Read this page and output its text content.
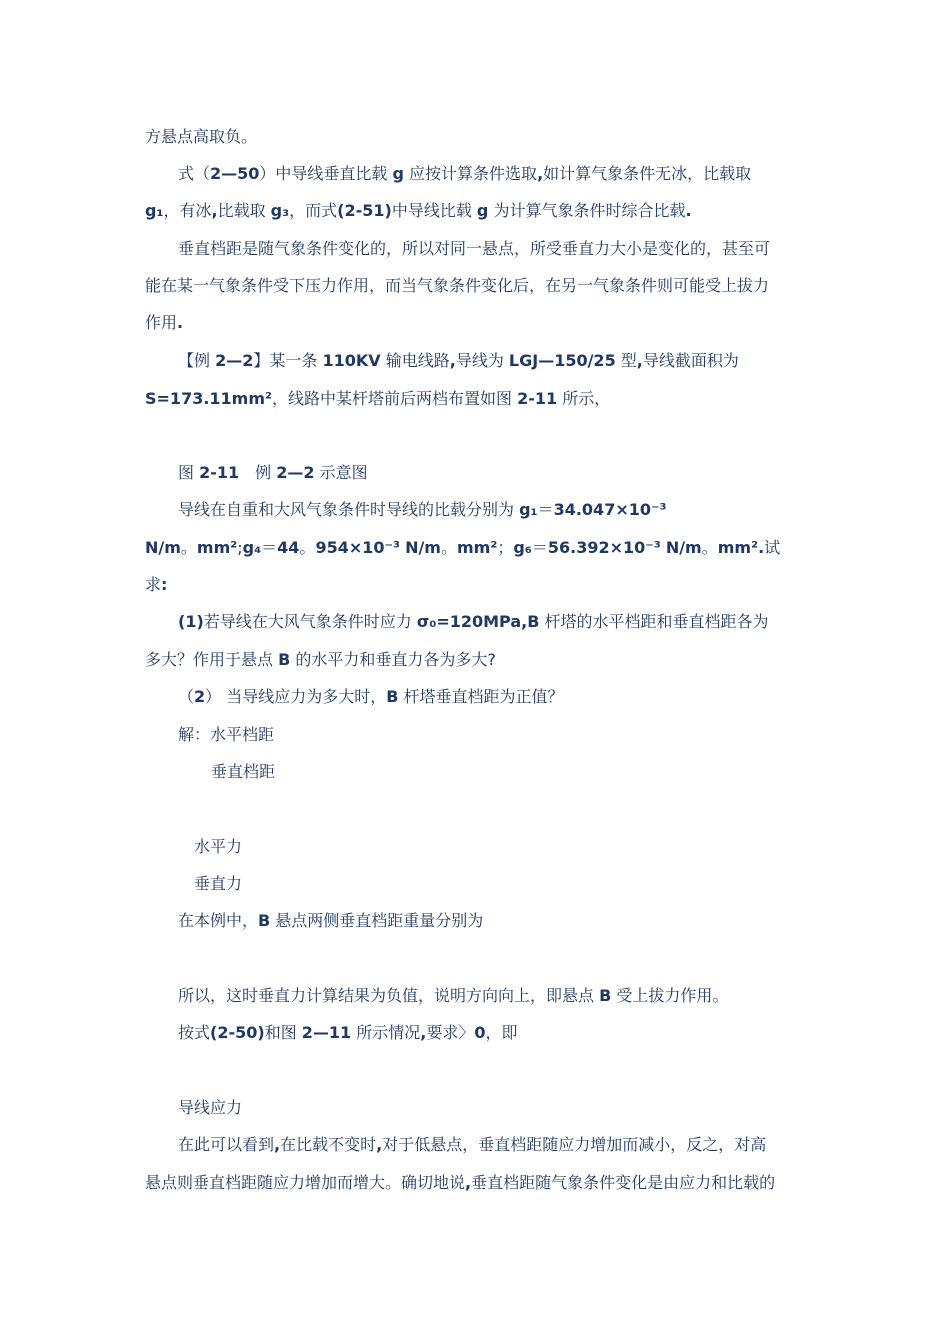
方悬点高取负。
式（2—50）中导线垂直比载 g 应按计算条件选取,如计算气象条件无冰，比载取
g₁，有冰,比载取 g₃，而式(2-51)中导线比载 g 为计算气象条件时综合比载.
垂直档距是随气象条件变化的，所以对同一悬点，所受垂直力大小是变化的，甚至可
能在某一气象条件受下压力作用，而当气象条件变化后，在另一气象条件则可能受上拔力
作用.
【例 2—2】某一条 110KV 输电线路,导线为 LGJ—150/25 型,导线截面积为
S=173.11mm²，线路中某杆塔前后两档布置如图 2-11 所示，
图 2-11　例 2—2 示意图
导线在自重和大风气象条件时导线的比载分别为 g₁＝34.047×10⁻³
N/m。mm²;g₄＝44。954×10⁻³ N/m。mm²；g₆＝56.392×10⁻³ N/m。mm².试
求:
(1)若导线在大风气象条件时应力 σ₀=120MPa,B 杆塔的水平档距和垂直档距各为
多大？作用于悬点 B 的水平力和垂直力各为多大?
（2） 当导线应力为多大时，B 杆塔垂直档距为正值？
解：水平档距
垂直档距
水平力
垂直力
在本例中，B 悬点两侧垂直档距重量分别为
所以，这时垂直力计算结果为负值，说明方向向上，即悬点 B 受上拔力作用。
按式(2-50)和图 2—11 所示情况,要求〉0，即
导线应力
在此可以看到,在比载不变时,对于低悬点，垂直档距随应力增加而减小，反之，对高
悬点则垂直档距随应力增加而增大。确切地说,垂直档距随气象条件变化是由应力和比载的
